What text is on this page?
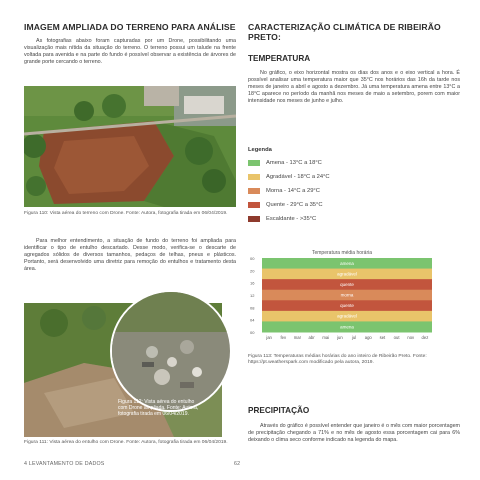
IMAGEM AMPLIADA DO TERRENO PARA ANÁLISE

As fotografias abaixo foram capturadas por um Drone, possibilitando uma visualização mais nítida da situação do terreno. O terreno possui um talude na frente voltada para avenida e na parte do fundo é possível observar a existência de árvores de grande porte cercando o terreno.

Figura 110: Vista aérea do terreno com Drone. Fonte: Autora, fotografia tirada em 06/04/2019.

Para melhor entendimento, a situação de fundo do terreno foi ampliada para identificar o tipo de entulho descartado. Desse modo, verifica-se o descarte de agregados sólidos de diversos tamanhos, pedaços de telhas, pneus e plásticos. Portanto, será desenvolvido uma diretriz para remoção do entulhos e tratamento desta área.

Figura 112: Vista aérea do entulho com Drone ampliada. Fonte: Autora, fotografia tirada em 06/04/2019.
Figura 111: Vista aérea do entulho com Drone. Fonte: Autora, fotografia tirada em 06/04/2019.
CARACTERIZAÇÃO CLIMÁTICA DE RIBEIRÃO PRETO:
TEMPERATURA

No gráfico, o eixo horizontal mostra os dias dos anos e o eixo vertical a hora. É possível analisar uma temperatura maior que 35°C nos horários das 16h da tarde nos meses de janeiro a abril e agosto a dezembro. Já uma temperatura amena entre 13°C a 18°C aparece no período da manhã nos meses de maio a setembro, porem com maior intensidade nos meses de junho e julho.

Legenda
Amena - 13°C a 18°C
Agradável - 18°C a 24°C
Morna - 14°C a 29°C
Quente - 29°C a 35°C
Escaldante - >35°C
Temperatura média horária
amena
agradável
quente
morna
quente
agradável
amena
00
20
16
12
08
04
00
jan fev mar abr mai jun jul ago set out nov dez
Figura 113: Temperaturas médias horárias do ano inteiro de Ribeirão Preto. Fonte: https://pt.weatherspark.com modificado pela autora, 2019.
PRECIPITAÇÃO

Através do gráfico é possível entender que janeiro é o mês com maior porcentagem de precipitação chegando a 71% e no mês de agosto essa porcentagem cai para 6% deixando o clima seco conforme indicado na legenda do mapa.

4 LEVANTAMENTO DE DADOS	62
